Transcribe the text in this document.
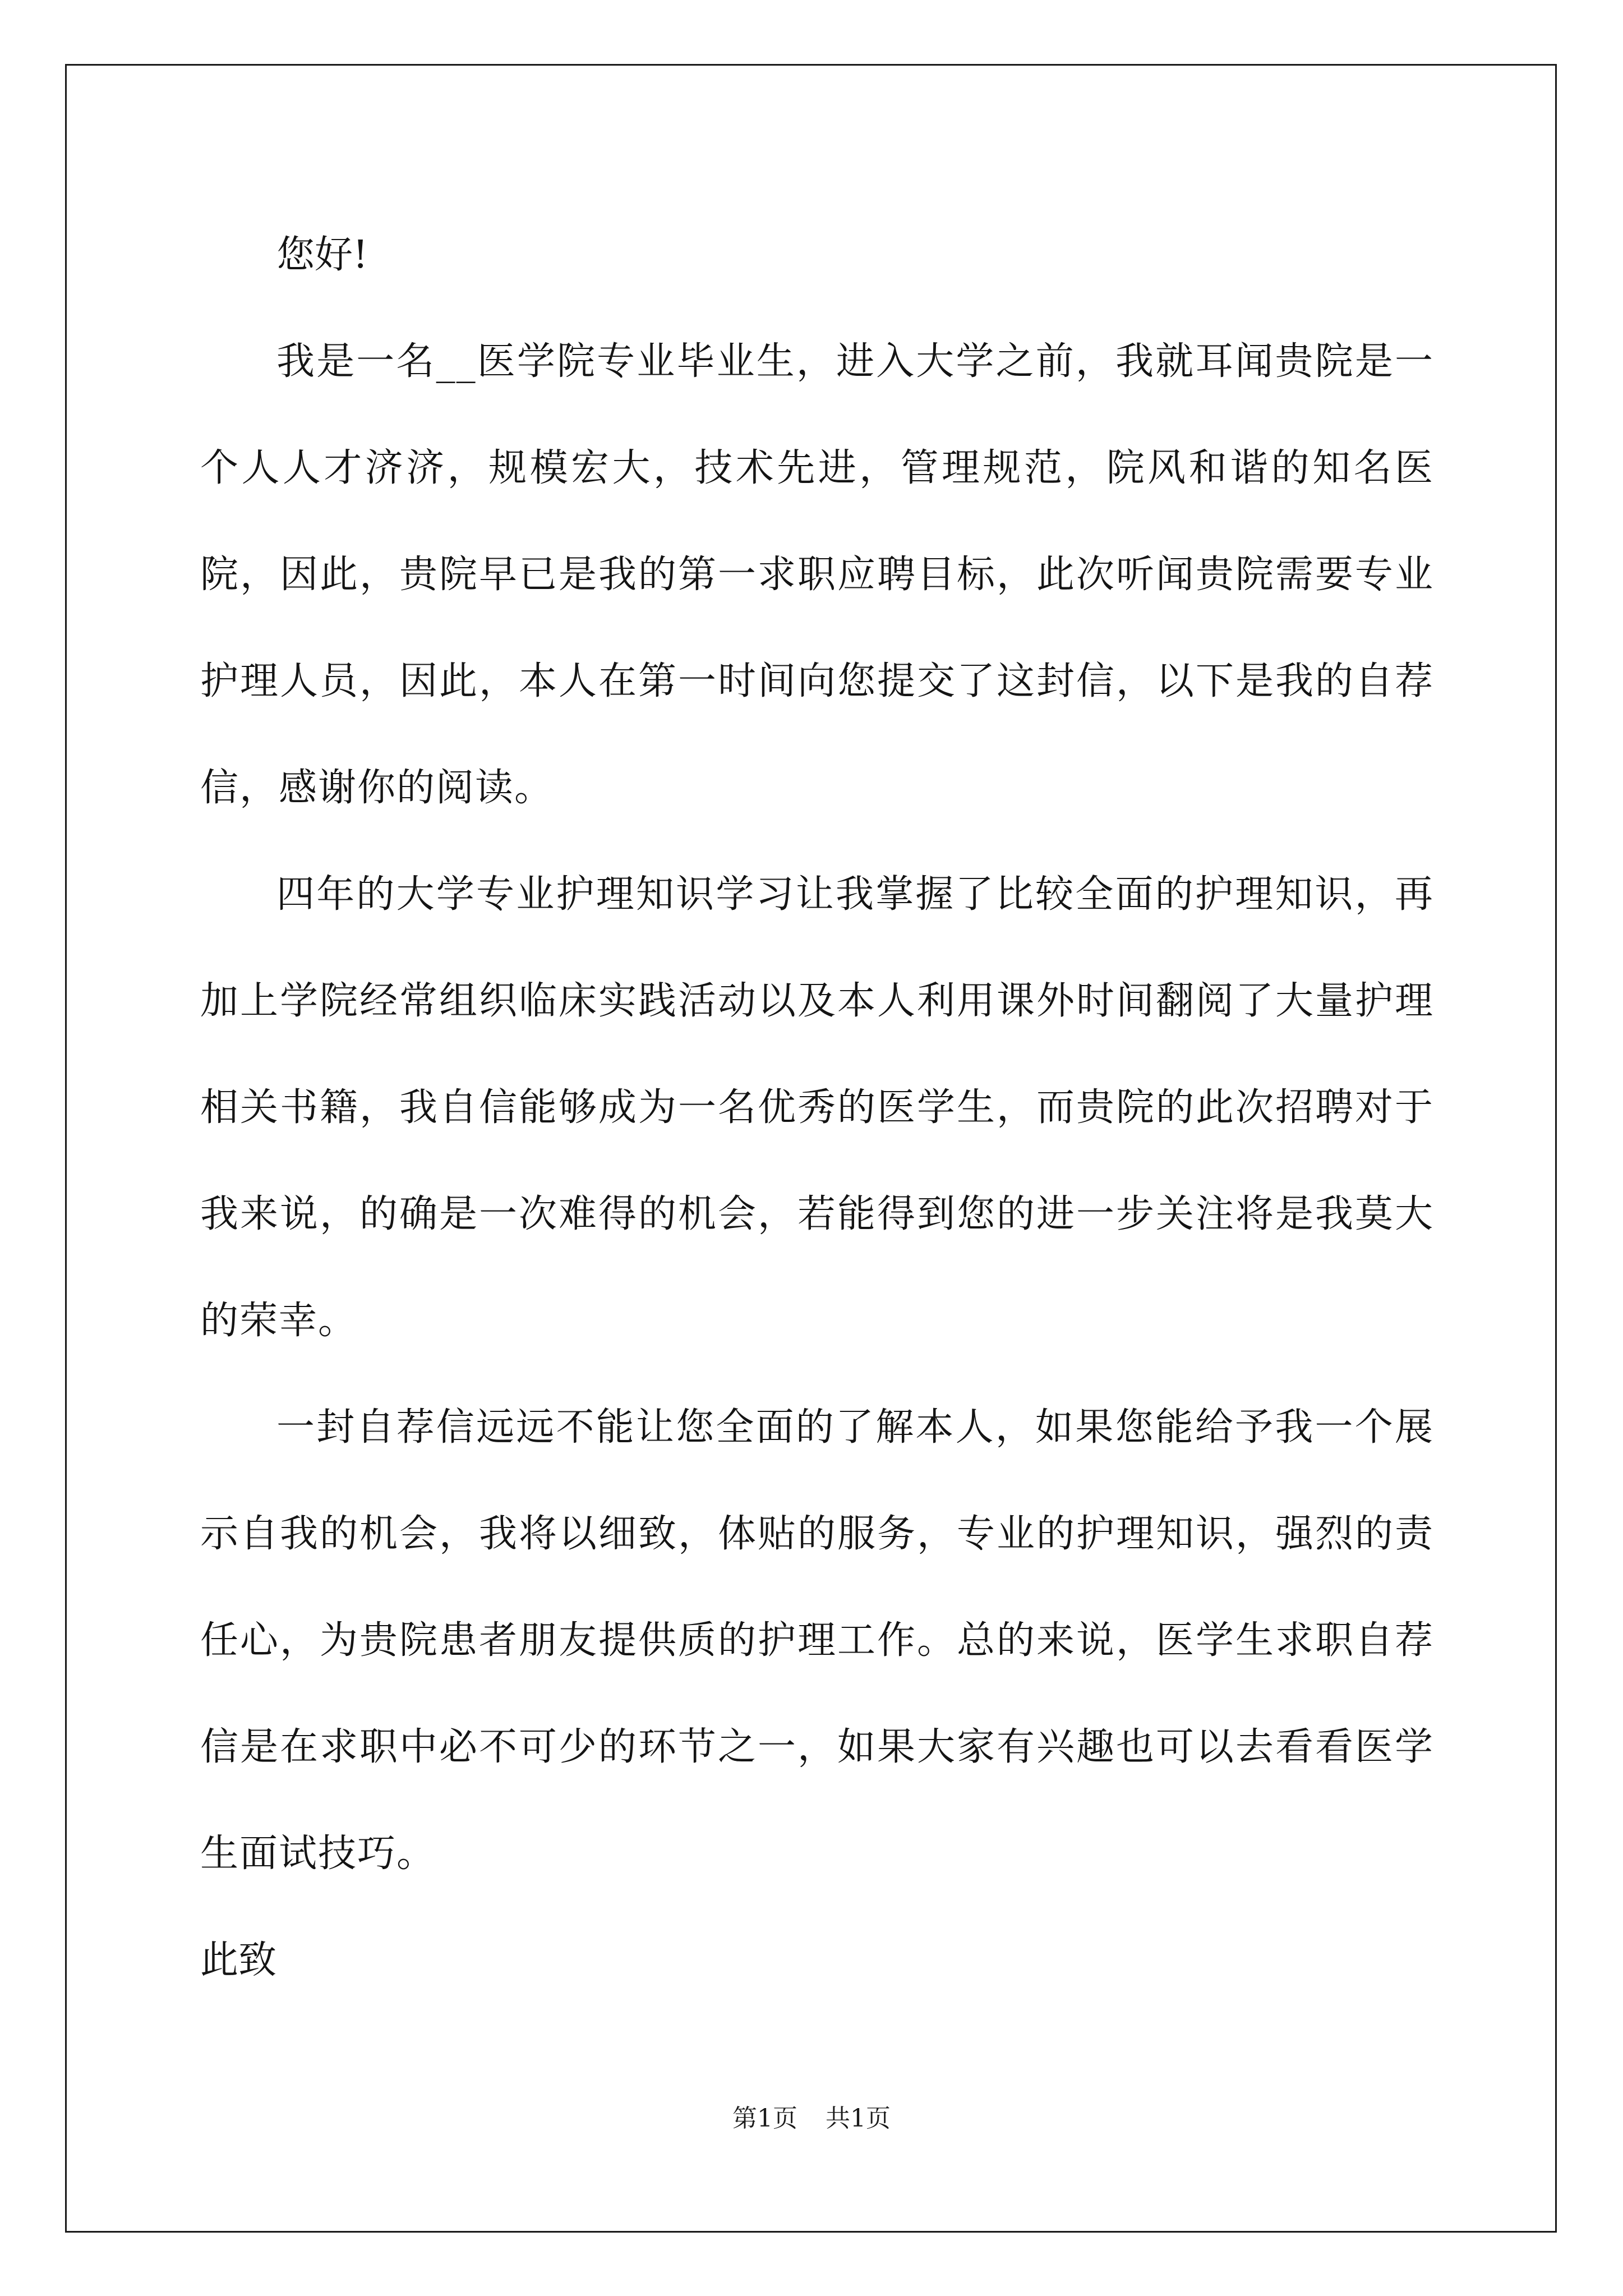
您好!

我是一名__医学院专业毕业生，进入大学之前，我就耳闻贵院是一个人人才济济，规模宏大，技术先进，管理规范，院风和谐的知名医院，因此，贵院早已是我的第一求职应聘目标，此次听闻贵院需要专业护理人员，因此，本人在第一时间向您提交了这封信，以下是我的自荐信，感谢你的阅读。

四年的大学专业护理知识学习让我掌握了比较全面的护理知识，再加上学院经常组织临床实践活动以及本人利用课外时间翻阅了大量护理相关书籍，我自信能够成为一名优秀的医学生，而贵院的此次招聘对于我来说，的确是一次难得的机会，若能得到您的进一步关注将是我莫大的荣幸。

一封自荐信远远不能让您全面的了解本人，如果您能给予我一个展示自我的机会，我将以细致，体贴的服务，专业的护理知识，强烈的责任心，为贵院患者朋友提供质的护理工作。总的来说，医学生求职自荐信是在求职中必不可少的环节之一，如果大家有兴趣也可以去看看医学生面试技巧。

此致

第1页 共1页
